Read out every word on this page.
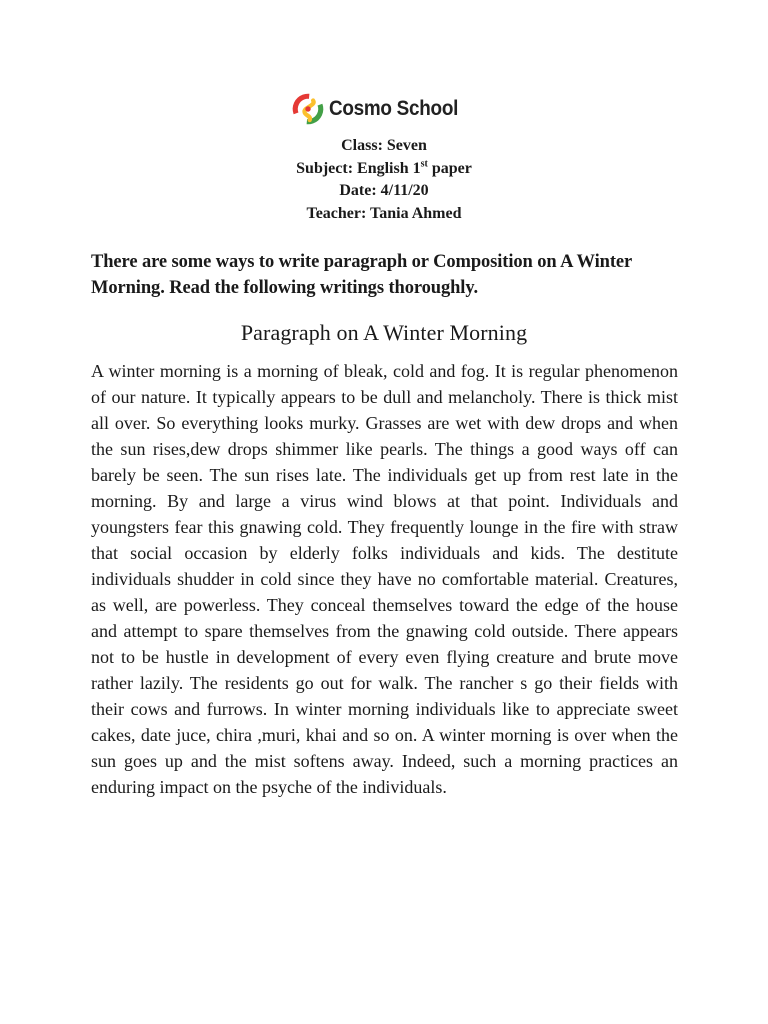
Cosmo School
Class: Seven
Subject: English 1st paper
Date: 4/11/20
Teacher: Tania Ahmed
There are some ways to write paragraph or Composition on A Winter Morning. Read the following writings thoroughly.
Paragraph on A Winter Morning
A winter morning is a morning of bleak, cold and fog. It is regular phenomenon of our nature. It typically appears to be dull and melancholy. There is thick mist all over. So everything looks murky. Grasses are wet with dew drops and when the sun rises,dew drops shimmer like pearls. The things a good ways off can barely be seen. The sun rises late. The individuals get up from rest late in the morning. By and large a virus wind blows at that point. Individuals and youngsters fear this gnawing cold. They frequently lounge in the fire with straw that social occasion by elderly folks individuals and kids. The destitute individuals shudder in cold since they have no comfortable material. Creatures, as well, are powerless. They conceal themselves toward the edge of the house and attempt to spare themselves from the gnawing cold outside. There appears not to be hustle in development of every even flying creature and brute move rather lazily. The residents go out for walk. The rancher s go their fields with their cows and furrows. In winter morning individuals like to appreciate sweet cakes, date juce, chira ,muri, khai and so on. A winter morning is over when the sun goes up and the mist softens away. Indeed, such a morning practices an enduring impact on the psyche of the individuals.
